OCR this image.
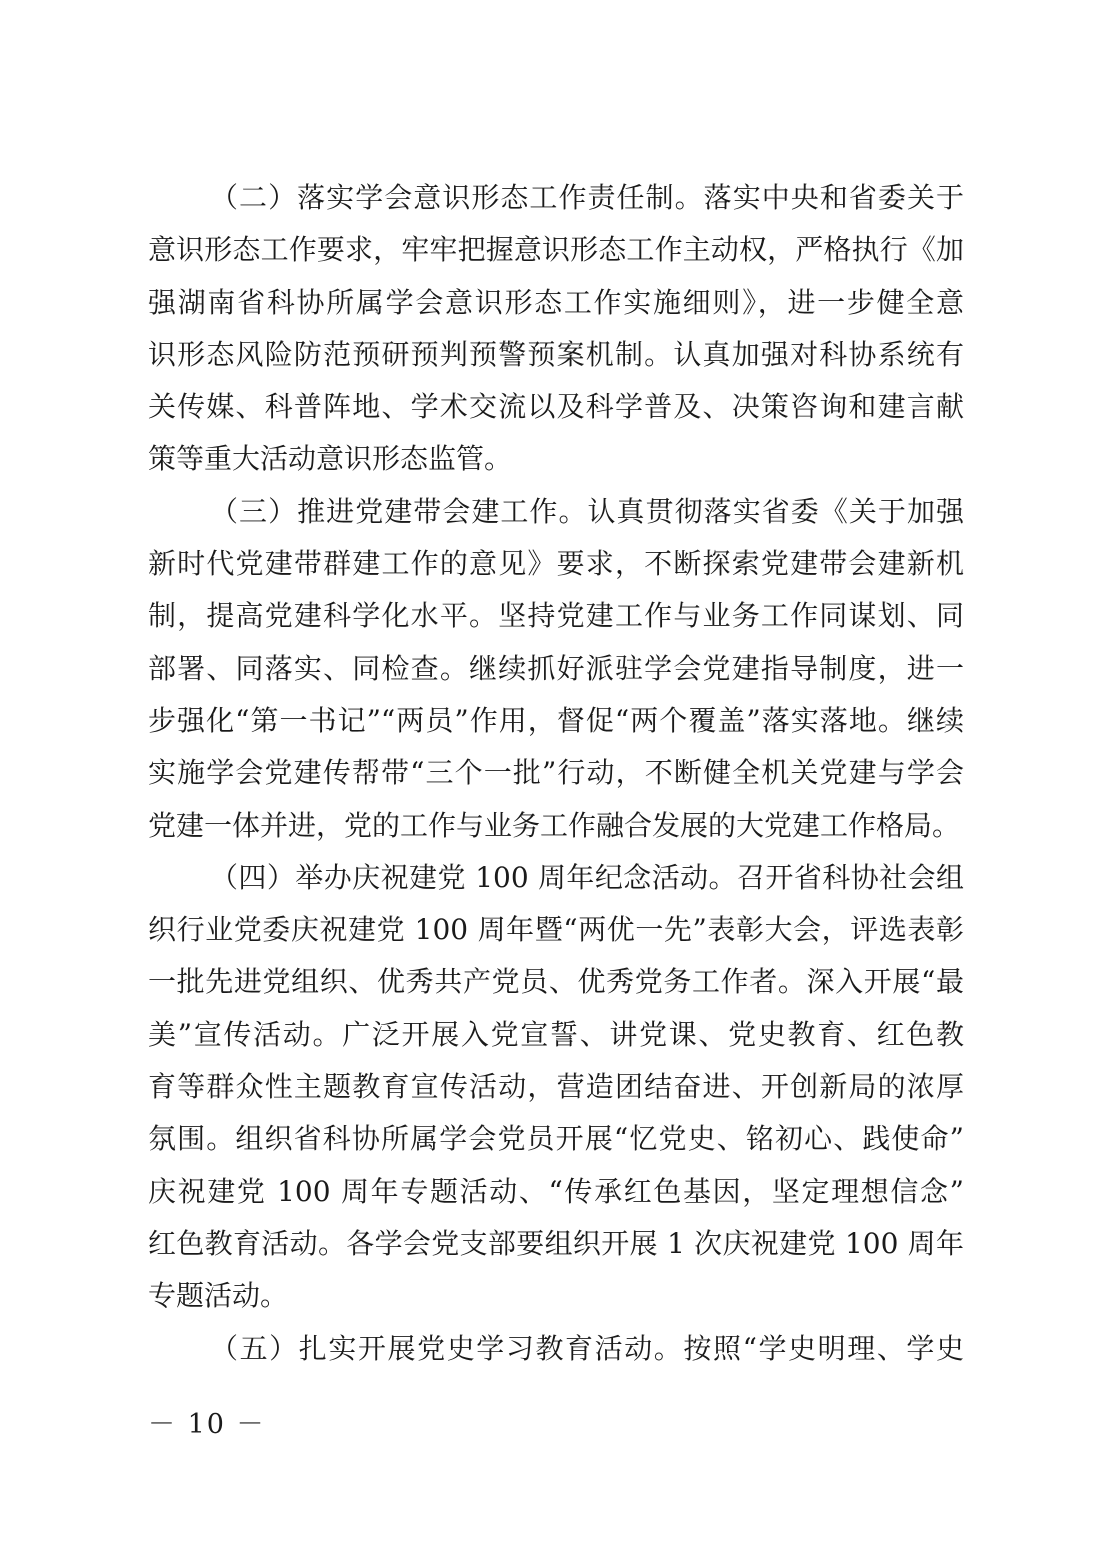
（二）落实学会意识形态工作责任制。落实中央和省委关于
意识形态工作要求，牢牢把握意识形态工作主动权，严格执行《加
强湖南省科协所属学会意识形态工作实施细则》，进一步健全意
识形态风险防范预研预判预警预案机制。认真加强对科协系统有
关传媒、科普阵地、学术交流以及科学普及、决策咨询和建言献
策等重大活动意识形态监管。
（三）推进党建带会建工作。认真贯彻落实省委《关于加强
新时代党建带群建工作的意见》要求，不断探索党建带会建新机
制，提高党建科学化水平。坚持党建工作与业务工作同谋划、同
部署、同落实、同检查。继续抓好派驻学会党建指导制度，进一
步强化“第一书记”“两员”作用，督促“两个覆盖”落实落地。继续
实施学会党建传帮带“三个一批”行动，不断健全机关党建与学会
党建一体并进，党的工作与业务工作融合发展的大党建工作格局。
（四）举办庆祝建党 100 周年纪念活动。召开省科协社会组
织行业党委庆祝建党 100 周年暨“两优一先”表彰大会，评选表彰
一批先进党组织、优秀共产党员、优秀党务工作者。深入开展“最
美”宣传活动。广泛开展入党宣誓、讲党课、党史教育、红色教
育等群众性主题教育宣传活动，营造团结奋进、开创新局的浓厚
氛围。组织省科协所属学会党员开展“忆党史、铭初心、践使命”
庆祝建党 100 周年专题活动、“传承红色基因，坚定理想信念”
红色教育活动。各学会党支部要组织开展 1 次庆祝建党 100 周年
专题活动。
（五）扎实开展党史学习教育活动。按照“学史明理、学史
－ 10 －
